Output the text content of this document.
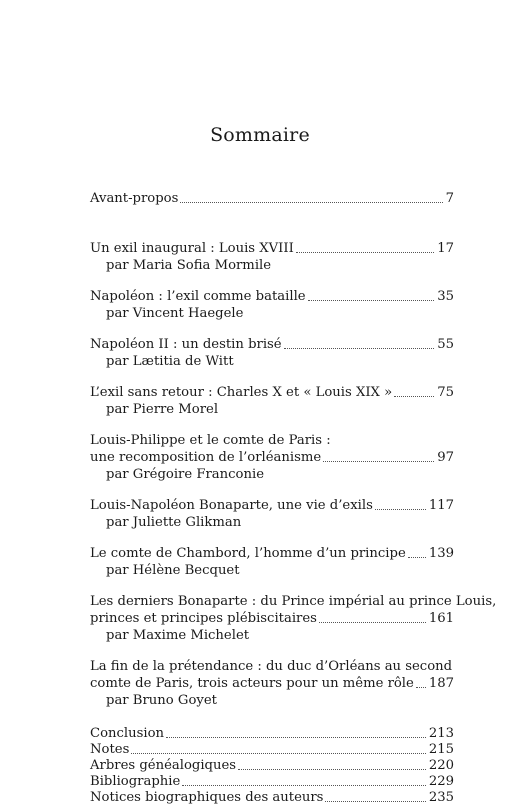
Sommaire
Avant-propos	7
Un exil inaugural : Louis XVIII	17
par Maria Sofia Mormile
Napoléon : l’exil comme bataille	35
par Vincent Haegele
Napoléon II : un destin brisé	55
par Lætitia de Witt
L’exil sans retour : Charles X et « Louis XIX »	75
par Pierre Morel
Louis-Philippe et le comte de Paris :
une recomposition de l’orléanisme	97
par Grégoire Franconie
Louis-Napoléon Bonaparte, une vie d’exils	117
par Juliette Glikman
Le comte de Chambord, l’homme d’un principe 139
par Hélène Becquet
Les derniers Bonaparte : du Prince impérial au prince Louis,
princes et principes plébiscitaires	161
par Maxime Michelet
La fin de la prétendance : du duc d’Orléans au second
comte de Paris, trois acteurs pour un même rôle 187
par Bruno Goyet
Conclusion	213
Notes	215
Arbres généalogiques	220
Bibliographie	229
Notices biographiques des auteurs	235
